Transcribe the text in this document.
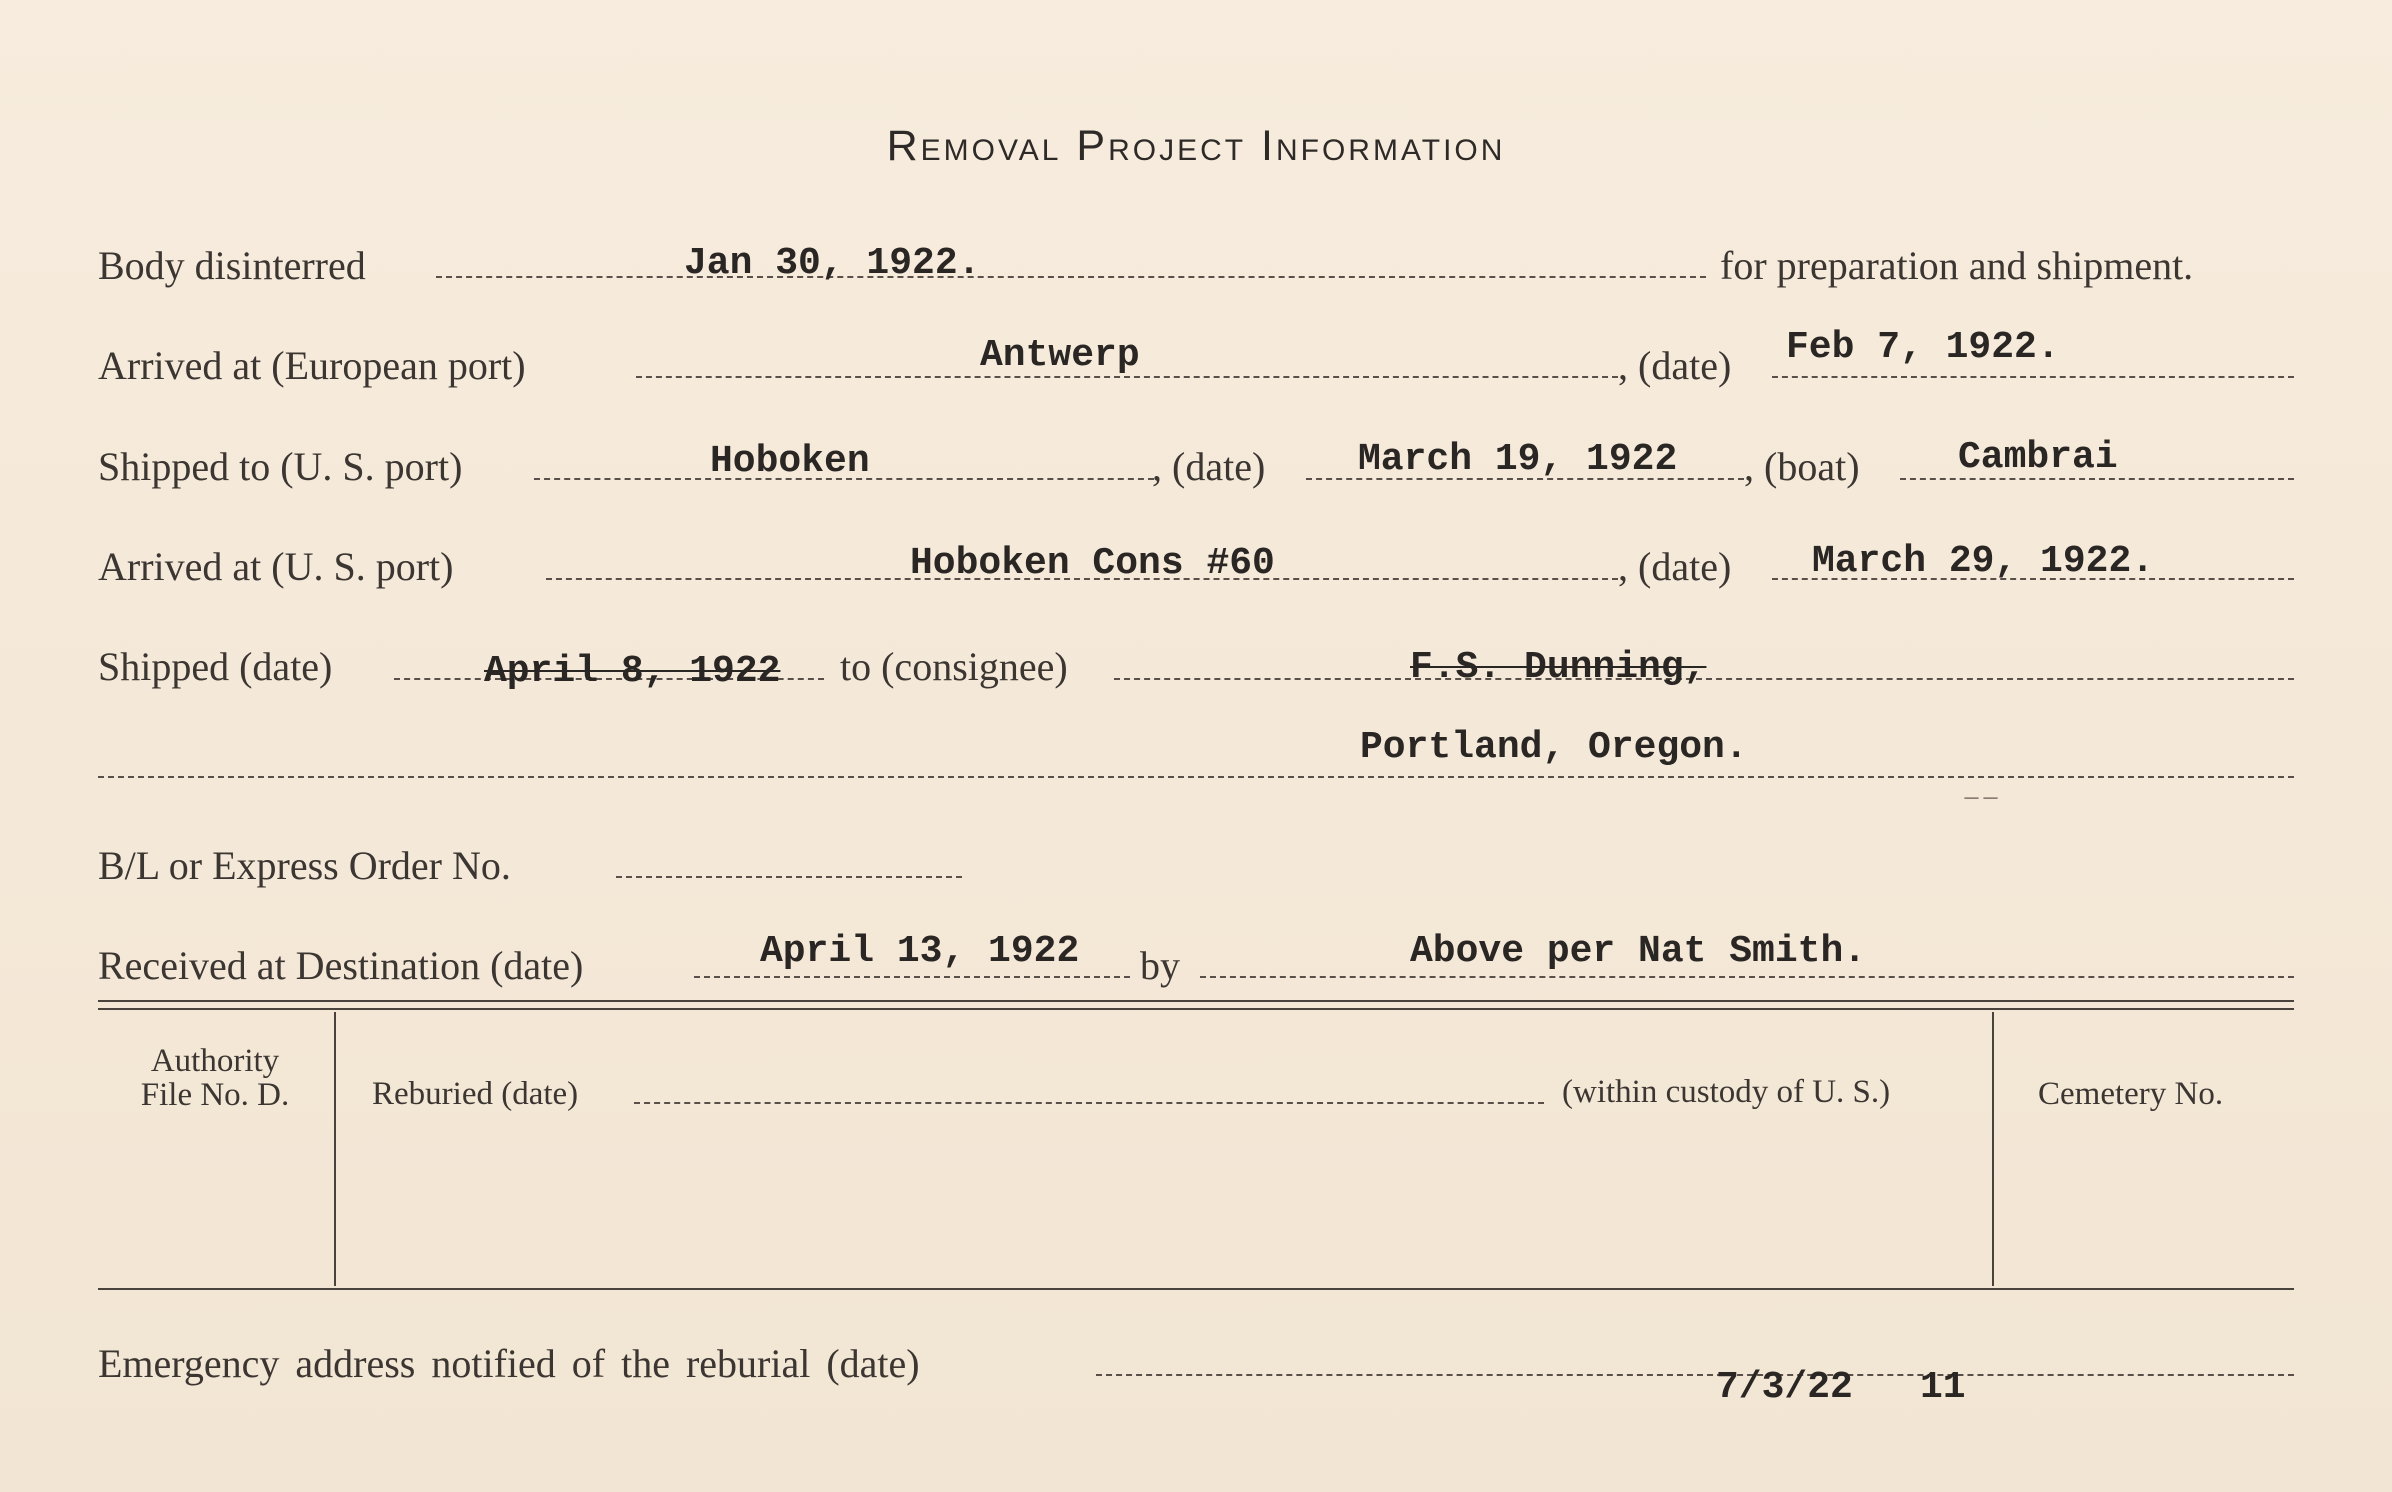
Removal Project Information
Body disinterred	Jan 30, 1922.	for preparation and shipment.
Arrived at (European port)	Antwerp	, (date) Feb 7, 1922.
Shipped to (U. S. port)	Hoboken	, (date) March 19, 1922 , (boat)	Cambrai
Arrived at (U. S. port)	Hoboken Cons #60	, (date) March 29, 1922.
Shipped (date)	April 8, 1922 to (consignee)	F.S. Dunning,
Portland, Oregon.
⁻⁻
B/L or Express Order No.
Received at Destination (date)	April 13, 1922 by	Above per Nat Smith.
Authority
File No. D.	Reburied (date)	(within custody of U. S.)	Cemetery No.
Emergency address notified of the reburial (date)
7/3/22 11
